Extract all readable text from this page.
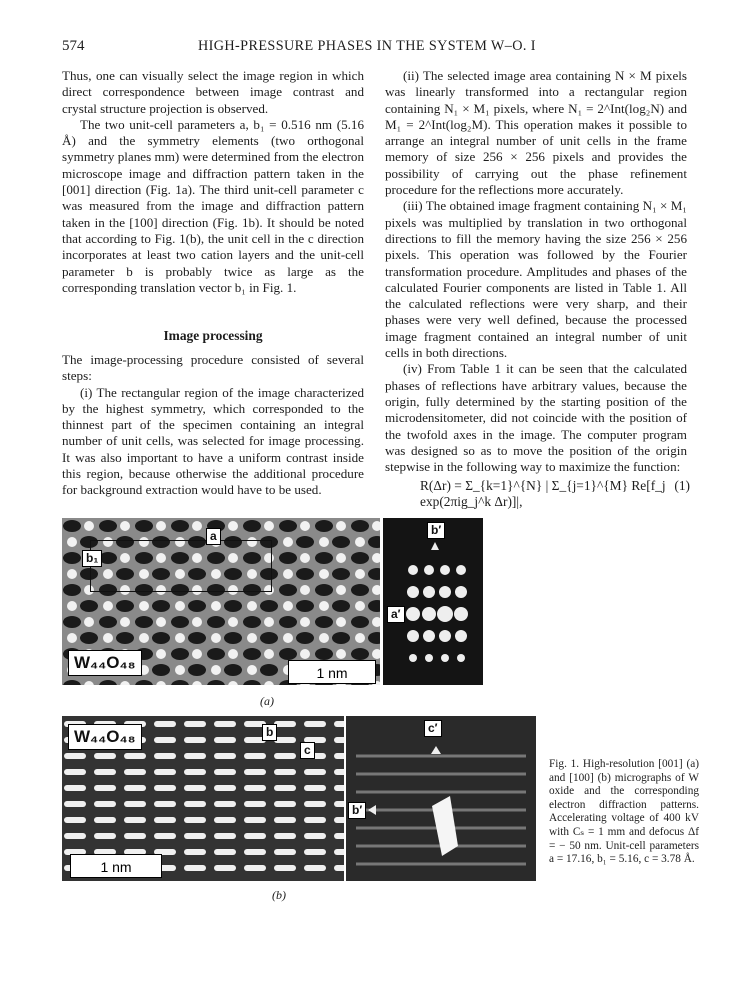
574	HIGH-PRESSURE PHASES IN THE SYSTEM W–O. I

Thus, one can visually select the image region in which direct correspondence between image contrast and crystal structure projection is observed.

The two unit-cell parameters a, b₁ = 0.516 nm (5.16 Å) and the symmetry elements (two orthogonal symmetry planes mm) were determined from the electron microscope image and diffraction pattern taken in the [001] direction (Fig. 1a). The third unit-cell parameter c was measured from the image and diffraction pattern taken in the [100] direction (Fig. 1b). It should be noted that according to Fig. 1(b), the unit cell in the c direction incorporates at least two cation layers and the unit-cell parameter b is probably twice as large as the corresponding translation vector b₁ in Fig. 1.

Image processing

The image-processing procedure consisted of several steps:

(i) The rectangular region of the image characterized by the highest symmetry, which corresponded to the thinnest part of the specimen containing an integral number of unit cells, was selected for image processing. It was also important to have a uniform contrast inside this region, because otherwise the additional procedure for background extraction would have to be used.

(ii) The selected image area containing N × M pixels was linearly transformed into a rectangular region containing N₁ × M₁ pixels, where N₁ = 2^Int(log₂N) and M₁ = 2^Int(log₂M). This operation makes it possible to arrange an integral number of unit cells in the frame memory of size 256 × 256 pixels and provides the possibility of carrying out the phase refinement procedure for the reflections more accurately.

(iii) The obtained image fragment containing N₁ × M₁ pixels was multiplied by translation in two orthogonal directions to fill the memory having the size 256 × 256 pixels. This operation was followed by the Fourier transformation procedure. Amplitudes and phases of the calculated Fourier components are listed in Table 1. All the calculated reflections were very sharp, and their phases were very well defined, because the processed image fragment contained an integral number of unit cells in both directions.

(iv) From Table 1 it can be seen that the calculated phases of reflections have arbitrary values, because the origin, fully determined by the starting position of the microdensitometer, did not coincide with the position of the twofold axes in the image. The computer program was designed so as to move the position of the origin stepwise in the following way to maximize the function:

R(Δr) = Σ_{k=1}^{N} | Σ_{j=1}^{M} Re[f_j exp(2πig_j^k Δr)]|,
(1)
a
b₁
W₄₄O₄₈
1 nm
b′
a′
(a)
W₄₄O₄₈	b
c
1 nm
c′
b′
(b)
Fig. 1. High-resolution [001] (a) and [100] (b) micrographs of W oxide and the corresponding electron diffraction patterns. Accelerating voltage of 400 kV with Cₛ = 1 mm and defocus Δf = − 50 nm. Unit-cell parameters a = 17.16, b₁ = 5.16, c = 3.78 Å.
